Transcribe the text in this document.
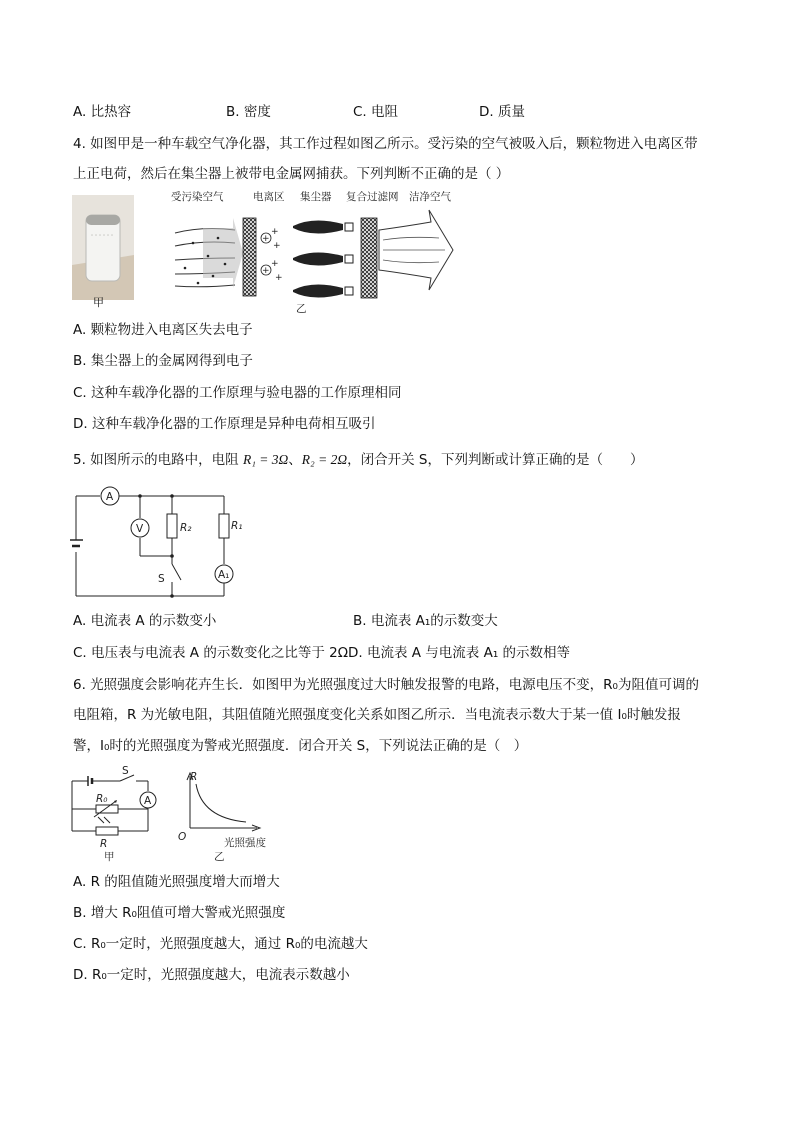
A. 比热容	B. 密度	C. 电阻	D. 质量
4. 如图甲是一种车载空气净化器，其工作过程如图乙所示。受污染的空气被吸入后，颗粒物进入电离区带
上正电荷，然后在集尘器上被带电金属网捕获。下列判断不正确的是（ ）
甲
受污染空气	电离区 集尘器 复合过滤网 洁净空气
+
+
+
+
+
+
乙
A. 颗粒物进入电离区失去电子
B. 集尘器上的金属网得到电子
C. 这种车载净化器的工作原理与验电器的工作原理相同
D. 这种车载净化器的工作原理是异种电荷相互吸引
5. 如图所示的电路中，电阻 R₁ = 3Ω、R₂ = 2Ω，闭合开关 S，下列判断或计算正确的是（　　）
A
V	R₂	R₁
S	A₁
A. 电流表 A 的示数变小	B. 电流表 A₁的示数变大
C. 电压表与电流表 A 的示数变化之比等于 2Ω D. 电流表 A 与电流表 A₁ 的示数相等
6. 光照强度会影响花卉生长．如图甲为光照强度过大时触发报警的电路，电源电压不变，R₀为阻值可调的
电阻箱，R 为光敏电阻，其阻值随光照强度变化关系如图乙所示．当电流表示数大于某一值 I₀时触发报
警，I₀时的光照强度为警戒光照强度．闭合开关 S，下列说法正确的是（　）
S
R₀	A
R
甲
R
O	光照强度
乙
A. R 的阻值随光照强度增大而增大
B. 增大 R₀阻值可增大警戒光照强度
C. R₀一定时，光照强度越大，通过 R₀的电流越大
D. R₀一定时，光照强度越大，电流表示数越小
